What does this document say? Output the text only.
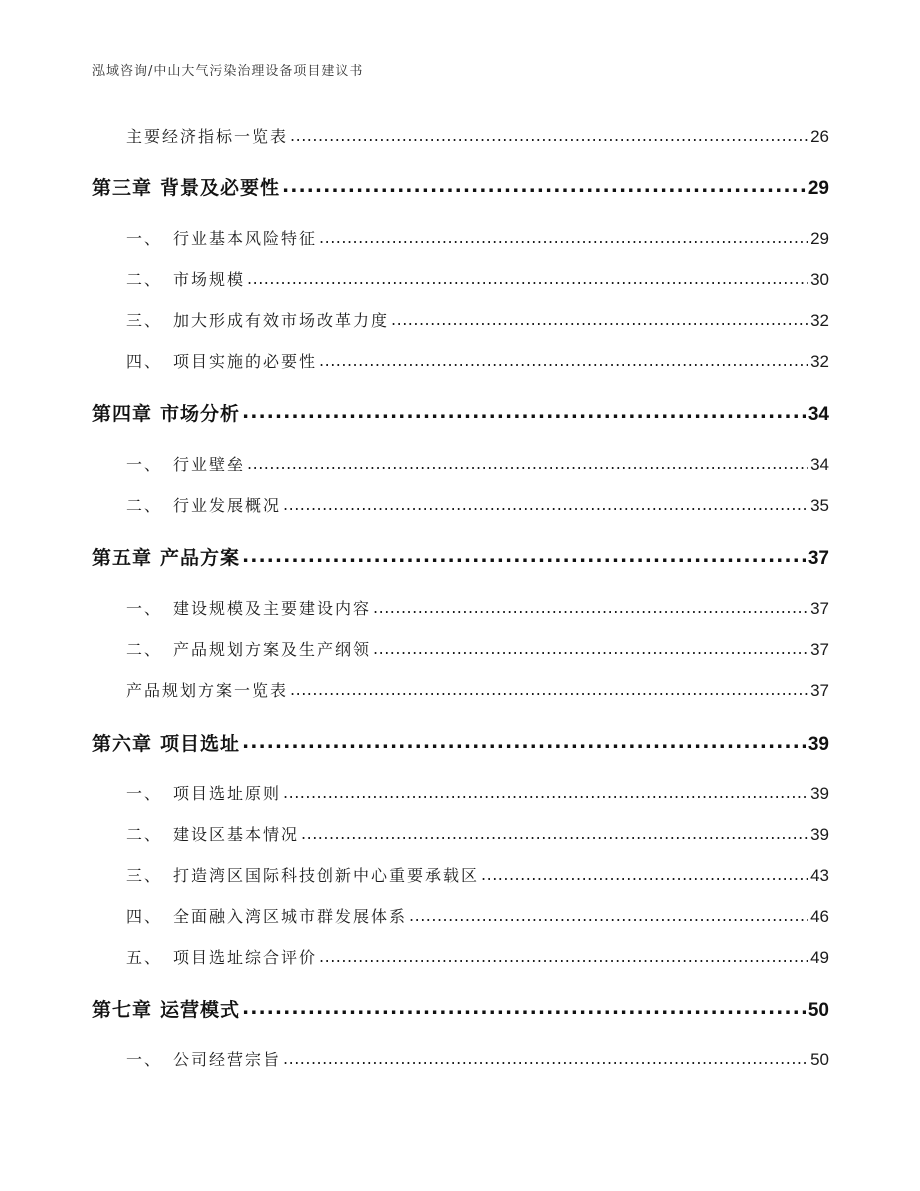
泓域咨询/中山大气污染治理设备项目建议书
主要经济指标一览表 .....	26
第三章 背景及必要性 .....	29
一、 行业基本风险特征 .....	29
二、 市场规模 .....	30
三、 加大形成有效市场改革力度 .....	32
四、 项目实施的必要性 .....	32
第四章 市场分析 .....	34
一、 行业壁垒 .....	34
二、 行业发展概况 .....	35
第五章 产品方案 .....	37
一、 建设规模及主要建设内容 .....	37
二、 产品规划方案及生产纲领 .....	37
产品规划方案一览表 .....	37
第六章 项目选址 .....	39
一、 项目选址原则 .....	39
二、 建设区基本情况 .....	39
三、 打造湾区国际科技创新中心重要承载区 .....	43
四、 全面融入湾区城市群发展体系 .....	46
五、 项目选址综合评价 .....	49
第七章 运营模式 .....	50
一、 公司经营宗旨 .....	50
